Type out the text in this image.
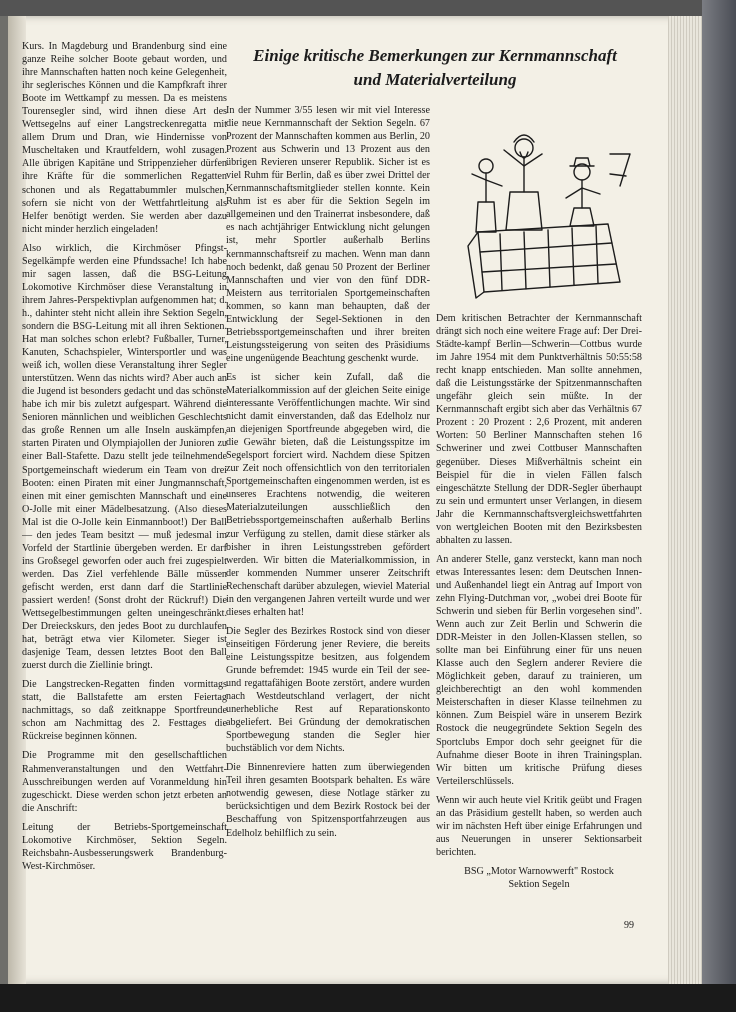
Kurs. In Magdeburg und Brandenburg sind eine ganze Reihe solcher Boote gebaut worden, und ihre Mannschaften hatten noch keine Gelegenheit, ihr seglerisches Können und die Kampfkraft ihrer Boote im Wettkampf zu messen. Da es meistens Tourensegler sind, wird ihnen diese Art des Wettsegelns auf einer Langstreckenregatta mit allem Drum und Dran, wie Hindernisse von Muscheltaken und Krautfeldern, wohl zusagen. Alle übrigen Kapitäne und Strippenzieher dürfen ihre Kräfte für die sommerlichen Regatten schonen und als Regattabummler mulschen, sofern sie nicht von der Wettfahrtleitung als Helfer benötigt werden. Sie werden aber dazu nicht minder herzlich eingeladen!

Also wirklich, die Kirchmöser Pfingst-Segelkämpfe werden eine Pfundssache! Ich habe mir sagen lassen, daß die BSG-Leitung Lokomotive Kirchmöser diese Veranstaltung in ihrem Jahres-Perspektivplan aufgenommen hat; d. h., dahinter steht nicht allein ihre Sektion Segeln, sondern die BSG-Leitung mit all ihren Sektionen. Hat man solches schon erlebt? Fußballer, Turner, Kanuten, Schachspieler, Wintersportler und was weiß ich, wollen diese Veranstaltung ihrer Segler unterstützen. Wenn das nichts wird? Aber auch an die Jugend ist besonders gedacht und das schönste habe ich mir bis zuletzt aufgespart. Während die Senioren männlichen und weiblichen Geschlechts das große Rennen um alle Inseln auskämpfen, starten Piraten und Olympiajollen der Junioren zu einer Ball-Stafette. Dazu stellt jede teilnehmende Sportgemeinschaft wiederum ein Team von drei Booten: einen Piraten mit einer Jungmannschaft, einen mit einer gemischten Mannschaft und eine O-Jolle mit einer Mädelbesatzung. (Also dieses Mal ist die O-Jolle kein Einmannboot!) Der Ball — den jedes Team besitzt — muß jedesmal im Vorfeld der Startlinie übergeben werden. Er darf ins Großsegel geworfen oder auch frei zugespielt werden. Das Ziel verfehlende Bälle müssen gefischt werden, erst dann darf die Startlinie passiert werden! (Sonst droht der Rückruf!) Die Wettsegelbestimmungen gelten uneingeschränkt. Der Dreieckskurs, den jedes Boot zu durchlaufen hat, beträgt etwa vier Kilometer. Sieger ist dasjenige Team, dessen letztes Boot den Ball zuerst durch die Ziellinie bringt.

Die Langstrecken-Regatten finden vormittags statt, die Ballstafette am ersten Feiertag nachmittags, so daß zeitknappe Sportfreunde schon am Nachmittag des 2. Festtages die Rückreise beginnen können.

Die Programme mit den gesellschaftlichen Rahmenveranstaltungen und den Wettfahrt-Ausschreibungen werden auf Voranmeldung hin zugeschickt. Diese werden schon jetzt erbeten an die Anschrift:

Leitung der Betriebs-Sportgemeinschaft Lokomotive Kirchmöser, Sektion Segeln. Reichsbahn-Ausbesserungswerk Brandenburg-West-Kirchmöser.

Einige kritische Bemerkungen zur Kernmannschaft
und Materialverteilung

In der Nummer 3/55 lesen wir mit viel Interesse die neue Kernmannschaft der Sektion Segeln. 67 Prozent der Mannschaften kommen aus Berlin, 20 Prozent aus Schwerin und 13 Prozent aus den übrigen Revieren unserer Republik. Sicher ist es viel Ruhm für Berlin, daß es über zwei Drittel der Kernmannschaftsmitglieder stellen konnte. Kein Ruhm ist es aber für die Sektion Segeln im allgemeinen und den Trainerrat insbesondere, daß es nach achtjähriger Entwicklung nicht gelungen ist, mehr Sportler außerhalb Berlins kernmannschaftsreif zu machen. Wenn man dann noch bedenkt, daß genau 50 Prozent der Berliner Mannschaften und vier von den fünf DDR-Meistern aus territorialen Sportgemeinschaften kommen, so kann man behaupten, daß der Entwicklung der Segel-Sektionen in den Betriebssportgemeinschaften und ihrer breiten Leistungssteigerung von seiten des Präsidiums eine ungenügende Beachtung geschenkt wurde.

Es ist sicher kein Zufall, daß die Materialkommission auf der gleichen Seite einige interessante Veröffentlichungen machte. Wir sind nicht damit einverstanden, daß das Edelholz nur an diejenigen Sportfreunde abgegeben wird, die die Gewähr bieten, daß die Leistungsspitze im Segelsport forciert wird. Nachdem diese Spitzen zur Zeit noch offensichtlich von den territorialen Sportgemeinschaften eingenommen werden, ist es unseres Erachtens notwendig, die weiteren Materialzuteilungen ausschließlich den Betriebssportgemeinschaften außerhalb Berlins zur Verfügung zu stellen, damit diese stärker als bisher in ihren Leistungsstreben gefördert werden. Wir bitten die Materialkommission, in der kommenden Nummer unserer Zeitschrift Rechenschaft darüber abzulegen, wieviel Material in den vergangenen Jahren verteilt wurde und wer dieses erhalten hat!

Die Segler des Bezirkes Rostock sind von dieser einseitigen Förderung jener Reviere, die bereits eine Leistungsspitze besitzen, aus folgendem Grunde befremdet: 1945 wurde ein Teil der see- und regattafähigen Boote zerstört, andere wurden nach Westdeutschland verlagert, der nicht unerhebliche Rest auf Reparationskonto abgeliefert. Bei Gründung der demokratischen Sportbewegung standen die Segler hier buchstäblich vor dem Nichts.

Die Binnenreviere hatten zum überwiegenden Teil ihren gesamten Bootspark behalten. Es wäre notwendig gewesen, diese Notlage stärker zu berücksichtigen und dem Bezirk Rostock bei der Beschaffung von Spitzensportfahrzeugen aus Edelholz behilflich zu sein.

Dem kritischen Betrachter der Kernmannschaft drängt sich noch eine weitere Frage auf: Der Drei-Städte-kampf Berlin—Schwerin—Cottbus wurde im Jahre 1954 mit dem Punktverhältnis 50:55:58 recht knapp entschieden. Man sollte annehmen, daß die Leistungsstärke der Spitzenmannschaften ungefähr gleich sein müßte. In der Kernmannschaft ergibt sich aber das Verhältnis 67 Prozent : 20 Prozent : 2,6 Prozent, mit anderen Worten: 50 Berliner Mannschaften stehen 16 Schweriner und zwei Cottbuser Mannschaften gegenüber. Dieses Mißverhältnis scheint ein Beispiel für die in vielen Fällen falsch eingeschätzte Stellung der DDR-Segler überhaupt zu sein und ermuntert unser Verlangen, in diesem Jahr die Kernmannschaftsvergleichswettfahrten von wertgleichen Booten mit den Bezirksbesten abhalten zu lassen.

An anderer Stelle, ganz versteckt, kann man noch etwas Interessantes lesen: dem Deutschen Innen- und Außenhandel liegt ein Antrag auf Import von zehn Flying-Dutchman vor, „wobei drei Boote für Schwerin und sieben für Berlin vorgesehen sind". Wenn auch zur Zeit Berlin und Schwerin die DDR-Meister in den Jollen-Klassen stellen, so sollte man bei Einführung einer für uns neuen Klasse auch den Seglern anderer Reviere die Möglichkeit geben, darauf zu trainieren, um gleichberechtigt an den wohl kommenden Meisterschaften in dieser Klasse teilnehmen zu können. Zum Beispiel wäre in unserem Bezirk Rostock die neugegründete Sektion Segeln des Sportclubs Empor doch sehr geeignet für die Aufnahme dieser Boote in ihren Trainingsplan. Wir bitten um kritische Prüfung dieses Verteilerschlüssels.

Wenn wir auch heute viel Kritik geübt und Fragen an das Präsidium gestellt haben, so werden auch wir im nächsten Heft über einige Erfahrungen und aus Neuerungen in unserer Sektionsarbeit berichten.

BSG „Motor Warnowwerft" Rostock
Sektion Segeln
99
